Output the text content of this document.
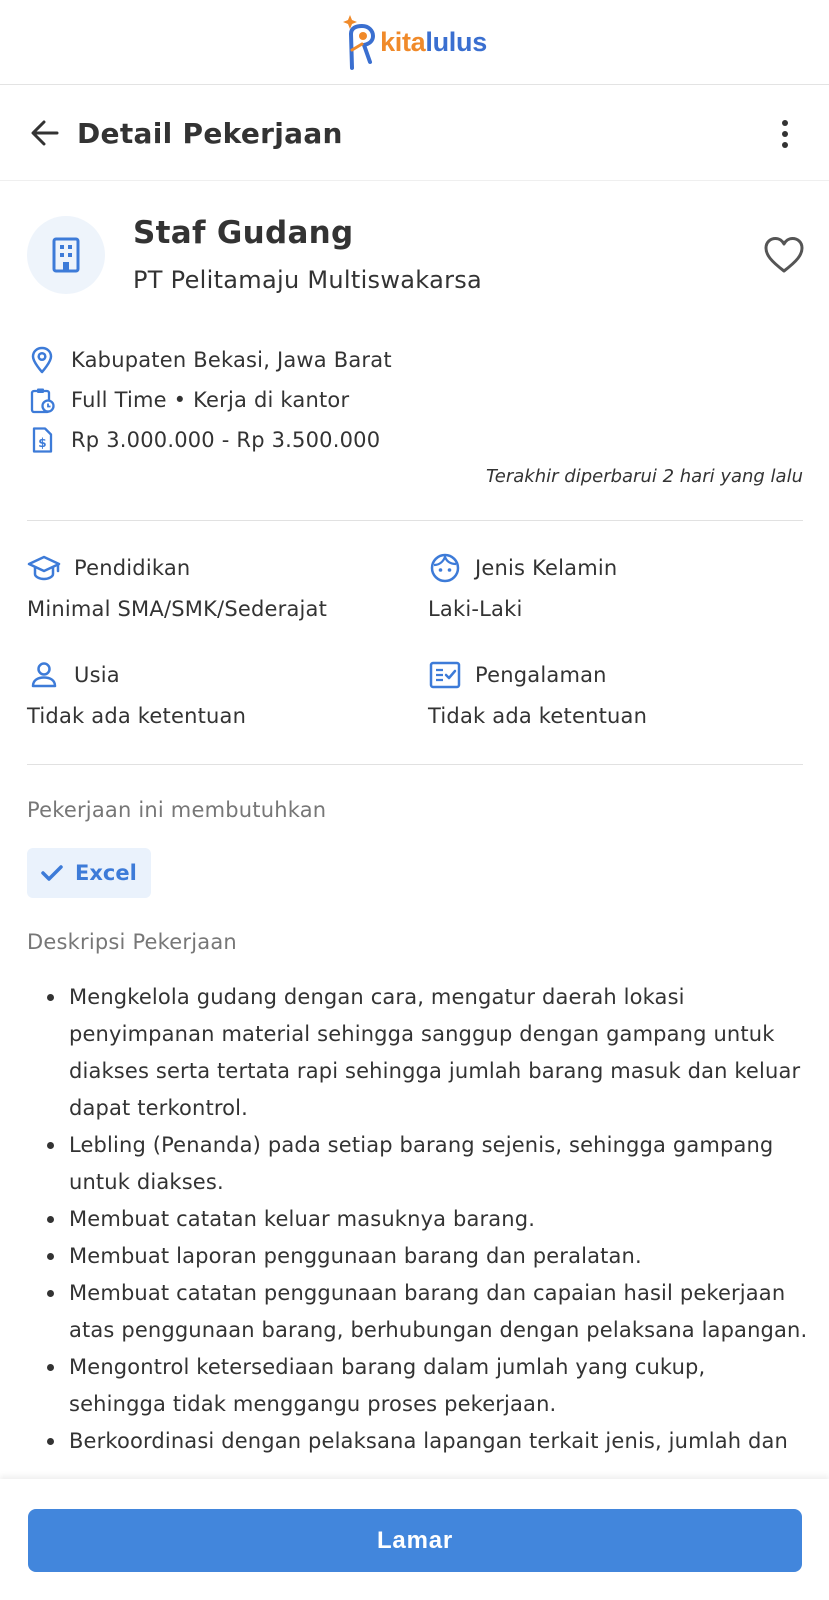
kitalulus
Detail Pekerjaan
Staf Gudang
PT Pelitamaju Multiswakarsa
Kabupaten Bekasi, Jawa Barat
Full Time • Kerja di kantor
$ Rp 3.000.000 - Rp 3.500.000
Terakhir diperbarui 2 hari yang lalu
Pendidikan
Minimal SMA/SMK/Sederajat
Jenis Kelamin
Laki-Laki
Usia
Tidak ada ketentuan
Pengalaman
Tidak ada ketentuan
Pekerjaan ini membutuhkan
Excel
Deskripsi Pekerjaan
Mengkelola gudang dengan cara, mengatur daerah lokasi penyimpanan material sehingga sanggup dengan gampang untuk diakses serta tertata rapi sehingga jumlah barang masuk dan keluar dapat terkontrol.
Lebling (Penanda) pada setiap barang sejenis, sehingga gampang untuk diakses.
Membuat catatan keluar masuknya barang.
Membuat laporan penggunaan barang dan peralatan.
Membuat catatan penggunaan barang dan capaian hasil pekerjaan atas penggunaan barang, berhubungan dengan pelaksana lapangan.
Mengontrol ketersediaan barang dalam jumlah yang cukup, sehingga tidak menggangu proses pekerjaan.
Berkoordinasi dengan pelaksana lapangan terkait jenis, jumlah dan
Lamar
